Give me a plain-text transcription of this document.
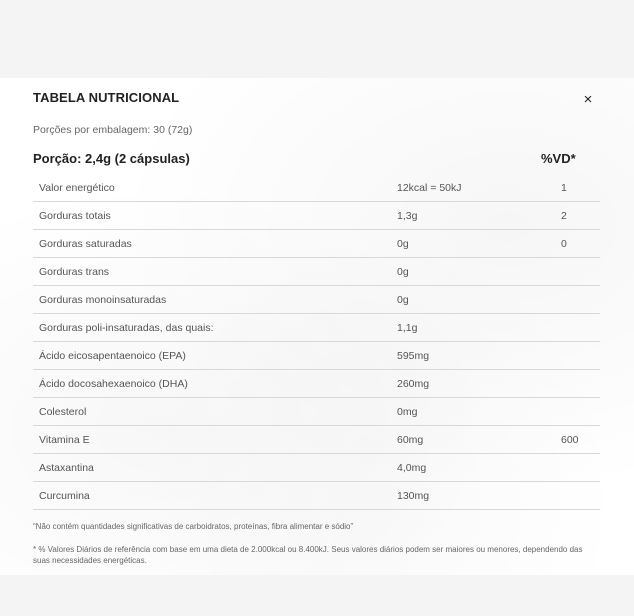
TABELA NUTRICIONAL	×
Porções por embalagem: 30 (72g)
Porção: 2,4g (2 cápsulas)	%VD*
Valor energético	12kcal = 50kJ	1
Gorduras totais	1,3g	2
Gorduras saturadas	0g	0
Gorduras trans	0g	
Gorduras monoinsaturadas	0g	
Gorduras poli-insaturadas, das quais:	1,1g	
Ácido eicosapentaenoico (EPA)	595mg	
Ácido docosahexaenoico (DHA)	260mg	
Colesterol	0mg	
Vitamina E	60mg	600
Astaxantina	4,0mg	
Curcumina	130mg	
“Não contém quantidades significativas de carboidratos, proteínas, fibra alimentar e sódio”
* % Valores Diários de referência com base em uma dieta de 2.000kcal ou 8.400kJ. Seus valores diários podem ser maiores ou menores, dependendo das suas necessidades energéticas.
